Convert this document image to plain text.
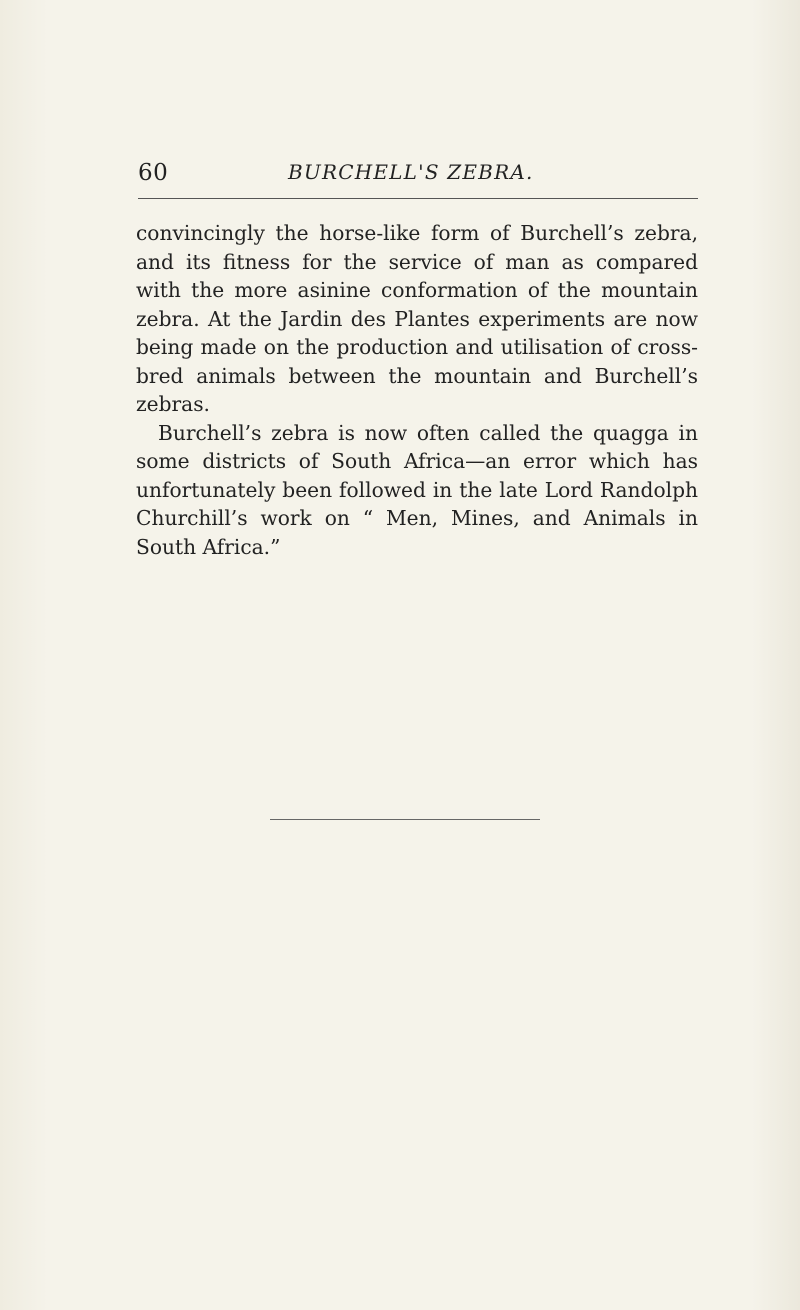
60	BURCHELL'S ZEBRA.

convincingly the horse-like form of Burchell’s zebra, and its fitness for the service of man as compared with the more asinine conformation of the mountain zebra. At the Jardin des Plantes experiments are now being made on the production and utilisation of cross-bred animals between the mountain and Burchell’s zebras.

Burchell’s zebra is now often called the quagga in some districts of South Africa—an error which has unfortunately been followed in the late Lord Randolph Churchill’s work on “ Men, Mines, and Animals in South Africa.”
